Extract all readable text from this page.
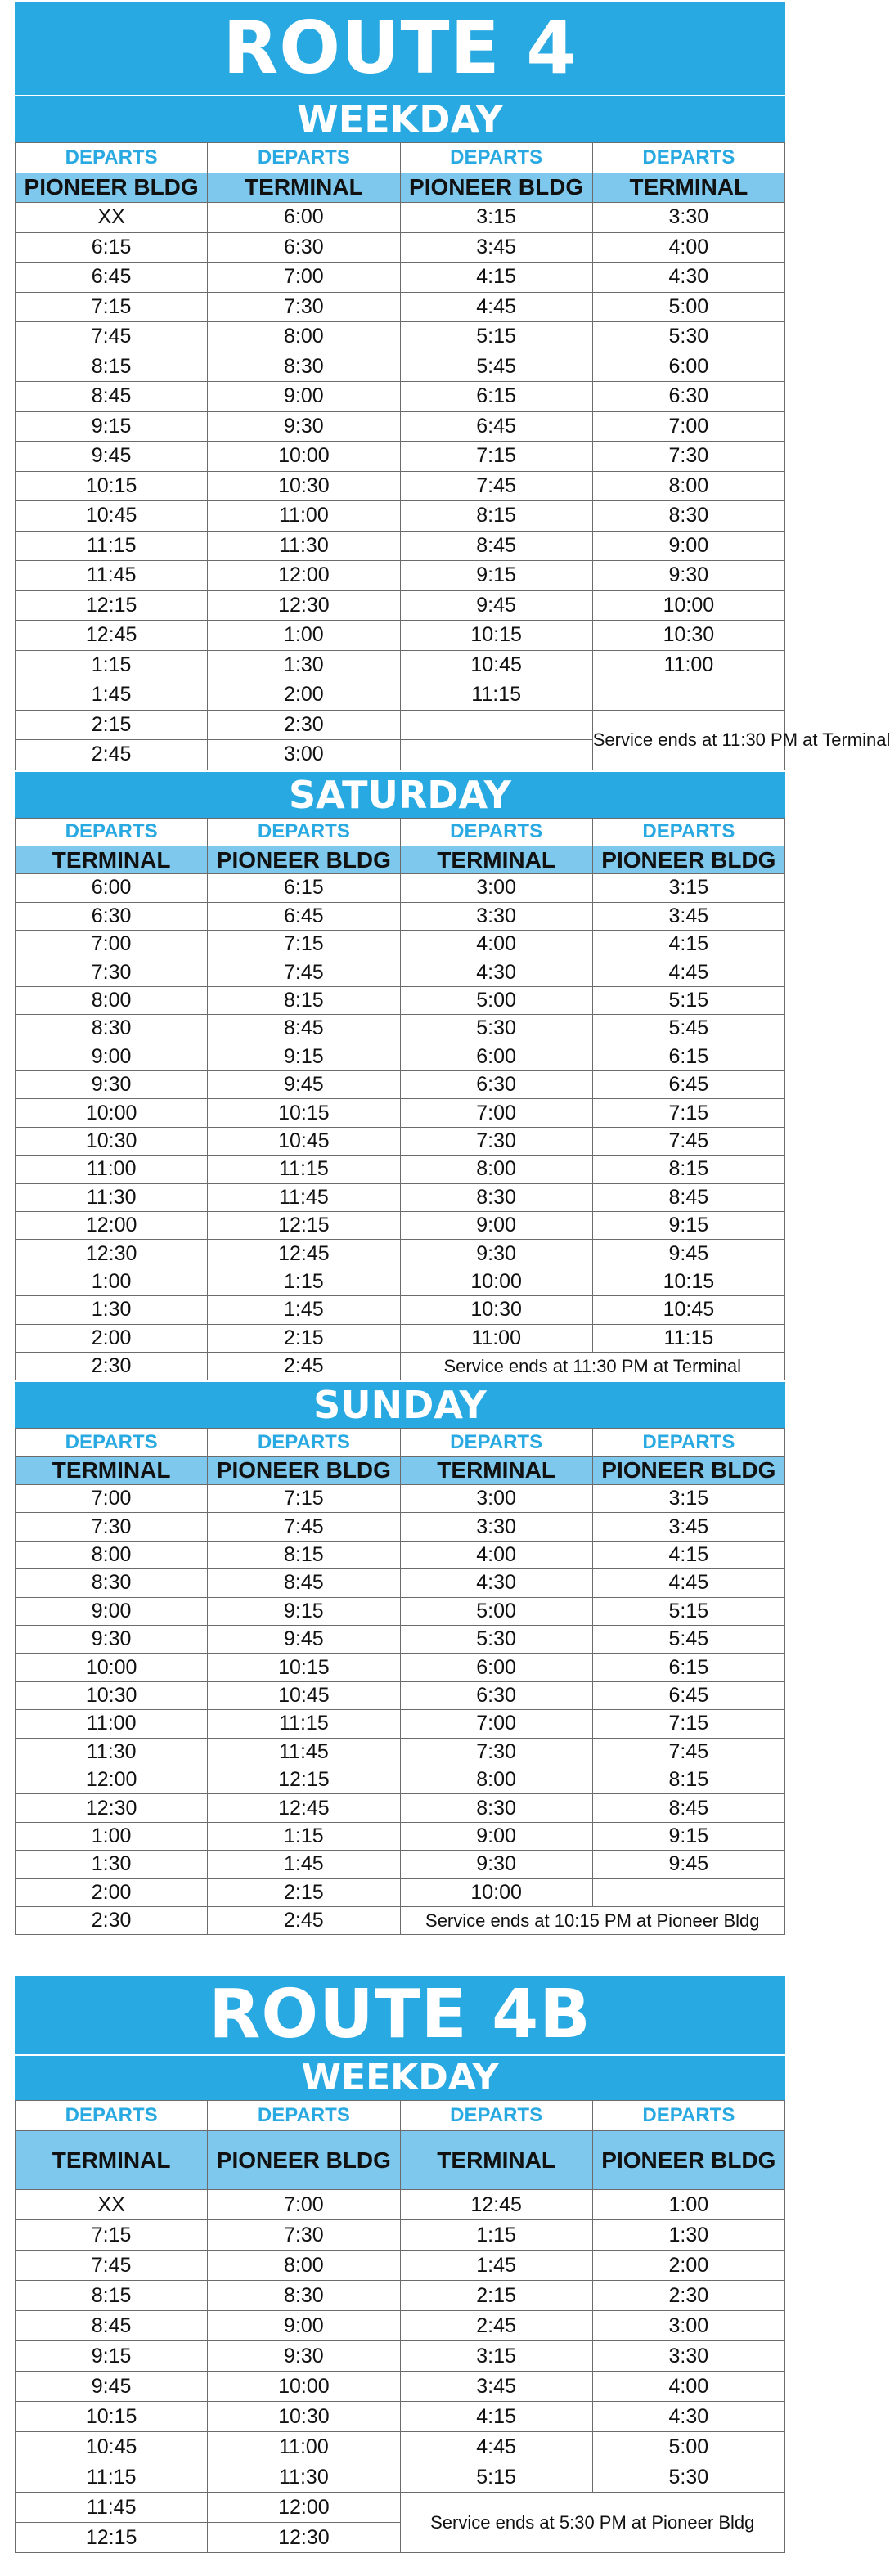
ROUTE 4
WEEKDAY
DEPARTS	DEPARTS	DEPARTS	DEPARTS
PIONEER BLDG	TERMINAL	PIONEER BLDG	TERMINAL
XX	6:00	3:15	3:30
6:15	6:30	3:45	4:00
6:45	7:00	4:15	4:30
7:15	7:30	4:45	5:00
7:45	8:00	5:15	5:30
8:15	8:30	5:45	6:00
8:45	9:00	6:15	6:30
9:15	9:30	6:45	7:00
9:45	10:00	7:15	7:30
10:15	10:30	7:45	8:00
10:45	11:00	8:15	8:30
11:15	11:30	8:45	9:00
11:45	12:00	9:15	9:30
12:15	12:30	9:45	10:00
12:45	1:00	10:15	10:30
1:15	1:30	10:45	11:00
1:45	2:00	11:15	
2:15	2:30		Service ends at 11:30 PM at Terminal
2:45	3:00		
SATURDAY
DEPARTS	DEPARTS	DEPARTS	DEPARTS
TERMINAL	PIONEER BLDG	TERMINAL	PIONEER BLDG
6:00	6:15	3:00	3:15
6:30	6:45	3:30	3:45
7:00	7:15	4:00	4:15
7:30	7:45	4:30	4:45
8:00	8:15	5:00	5:15
8:30	8:45	5:30	5:45
9:00	9:15	6:00	6:15
9:30	9:45	6:30	6:45
10:00	10:15	7:00	7:15
10:30	10:45	7:30	7:45
11:00	11:15	8:00	8:15
11:30	11:45	8:30	8:45
12:00	12:15	9:00	9:15
12:30	12:45	9:30	9:45
1:00	1:15	10:00	10:15
1:30	1:45	10:30	10:45
2:00	2:15	11:00	11:15
2:30	2:45	Service ends at 11:30 PM at Terminal	
SUNDAY
DEPARTS	DEPARTS	DEPARTS	DEPARTS
TERMINAL	PIONEER BLDG	TERMINAL	PIONEER BLDG
7:00	7:15	3:00	3:15
7:30	7:45	3:30	3:45
8:00	8:15	4:00	4:15
8:30	8:45	4:30	4:45
9:00	9:15	5:00	5:15
9:30	9:45	5:30	5:45
10:00	10:15	6:00	6:15
10:30	10:45	6:30	6:45
11:00	11:15	7:00	7:15
11:30	11:45	7:30	7:45
12:00	12:15	8:00	8:15
12:30	12:45	8:30	8:45
1:00	1:15	9:00	9:15
1:30	1:45	9:30	9:45
2:00	2:15	10:00	
2:30	2:45	Service ends at 10:15 PM at Pioneer Bldg	
ROUTE 4B
WEEKDAY
DEPARTS	DEPARTS	DEPARTS	DEPARTS
TERMINAL	PIONEER BLDG	TERMINAL	PIONEER BLDG
XX	7:00	12:45	1:00
7:15	7:30	1:15	1:30
7:45	8:00	1:45	2:00
8:15	8:30	2:15	2:30
8:45	9:00	2:45	3:00
9:15	9:30	3:15	3:30
9:45	10:00	3:45	4:00
10:15	10:30	4:15	4:30
10:45	11:00	4:45	5:00
11:15	11:30	5:15	5:30
11:45	12:00	Service ends at 5:30 PM at Pioneer Bldg	
12:15	12:30		
